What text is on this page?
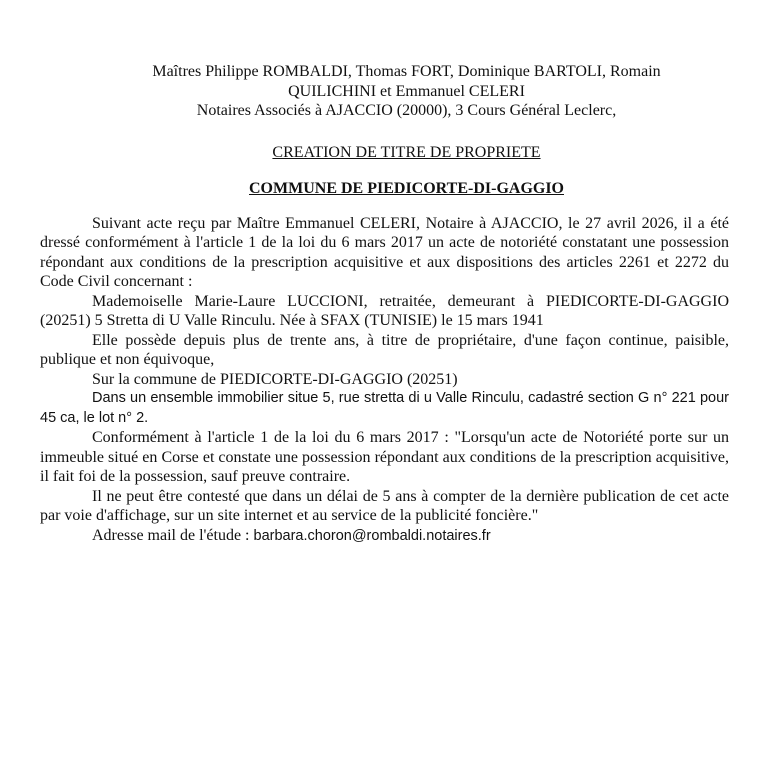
Maîtres Philippe ROMBALDI, Thomas FORT, Dominique BARTOLI, Romain
QUILICHINI et Emmanuel CELERI
Notaires Associés à AJACCIO (20000), 3 Cours Général Leclerc,
CREATION DE TITRE DE PROPRIETE
COMMUNE DE PIEDICORTE-DI-GAGGIO

Suivant acte reçu par Maître Emmanuel CELERI, Notaire à AJACCIO, le 27 avril 2026, il a été dressé conformément à l'article 1 de la loi du 6 mars 2017 un acte de notoriété constatant une possession répondant aux conditions de la prescription acquisitive et aux dispositions des articles 2261 et 2272 du Code Civil concernant :

Mademoiselle Marie-Laure LUCCIONI, retraitée, demeurant à PIEDICORTE-DI-GAGGIO (20251) 5 Stretta di U Valle Rinculu. Née à SFAX (TUNISIE) le 15 mars 1941

Elle possède depuis plus de trente ans, à titre de propriétaire, d'une façon continue, paisible, publique et non équivoque,

Sur la commune de PIEDICORTE-DI-GAGGIO (20251)

Dans un ensemble immobilier situe 5, rue stretta di u Valle Rinculu, cadastré section G n° 221 pour 45 ca, le lot n° 2.

Conformément à l'article 1 de la loi du 6 mars 2017 : "Lorsqu'un acte de Notoriété porte sur un immeuble situé en Corse et constate une possession répondant aux conditions de la prescription acquisitive, il fait foi de la possession, sauf preuve contraire.

Il ne peut être contesté que dans un délai de 5 ans à compter de la dernière publication de cet acte par voie d'affichage, sur un site internet et au service de la publicité foncière."

Adresse mail de l'étude : barbara.choron@rombaldi.notaires.fr
